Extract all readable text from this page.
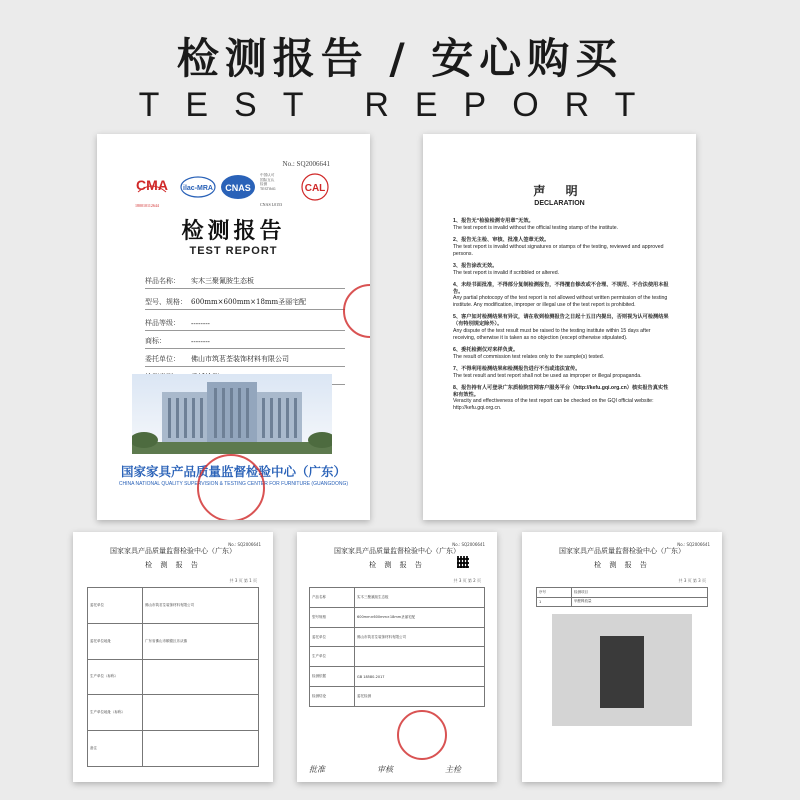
检测报告 / 安心购买
TEST REPORT
No.: SQ2006641
CMA
180010112644
ilac-MRA CNAS
中国认可
国际互认
检测
TESTING
CNAS L0153
CAL
检测报告
TEST REPORT
样品名称： 实木三聚氰胺生态板
型号、规格： 600mm×600mm×18mm圣丽宅配
样品等级： --------
商标：	--------
委托单位： 佛山市筑茗荃装饰材料有限公司
国家家具产品质量监督检验中心（广东）
CHINA NATIONAL QUALITY SUPERVISION & TESTING CENTER FOR FURNITURE (GUANGDONG)
声 明
DECLARATION
1、报告无“检验检测专用章”无效。
The test report is invalid without the official testing stamp of the institute.
2、报告无主检、审核、批准人签章无效。
The test report is invalid without signatures or stamps of the testing, reviewed and approved persons.
3、报告涂改无效。
The test report is invalid if scribbled or altered.
4、未经书面批准，不得部分复制检测报告，不得擅自修改或不合理、不规范、不合法使用本报告。
Any partial photocopy of the test report is not allowed without written permission of the testing institute. Any modification, improper or illegal use of the test report is prohibited.
5、客户如对检测结果有异议，请在收到检测报告之日起十五日内提出，否则视为认可检测结果（有特别规定除外）。
Any dispute of the test result must be raised to the testing institute within 15 days after receiving, otherwise it is taken as no objection (except otherwise stipulated).
6、委托检测仅对来样负责。
The result of commission test relates only to the sample(s) tested.
7、不得利用检测结果和检测报告进行不当或违法宣传。
The test result and test report shall not be used as improper or illegal propaganda.
8、报告持有人可登录广东质检院官网客户服务平台（http://kefu.gqi.org.cn）核实报告真实性和有效性。
Veracity and effectiveness of the test report can be checked on the GQI official website: http://kefu.gqi.org.cn.
No.: SQ2006641
国家家具产品质量监督检验中心（广东）
检 测 报 告
共 3 页 第 1 页
委托单位	佛山市筑茗荃装饰材料有限公司
委托单位地址	广东省佛山市顺德区乐从镇
生产单位（标称）	
生产单位地址（标称）	
备注	
No.: SQ2006641
国家家具产品质量监督检验中心（广东）
检 测 报 告
共 3 页 第 2 页
产品名称	实木三聚氰胺生态板
型号规格	600mm×600mm×18mm圣丽宅配
委托单位	佛山市筑茗荃装饰材料有限公司
生产单位	
检测依据	GB 18580-2017
检测结论	委托检测
批准	审核	主检
No.: SQ2006641
国家家具产品质量监督检验中心（广东）
检 测 报 告
共 3 页 第 3 页
序号	检测项目
1	甲醛释放量
